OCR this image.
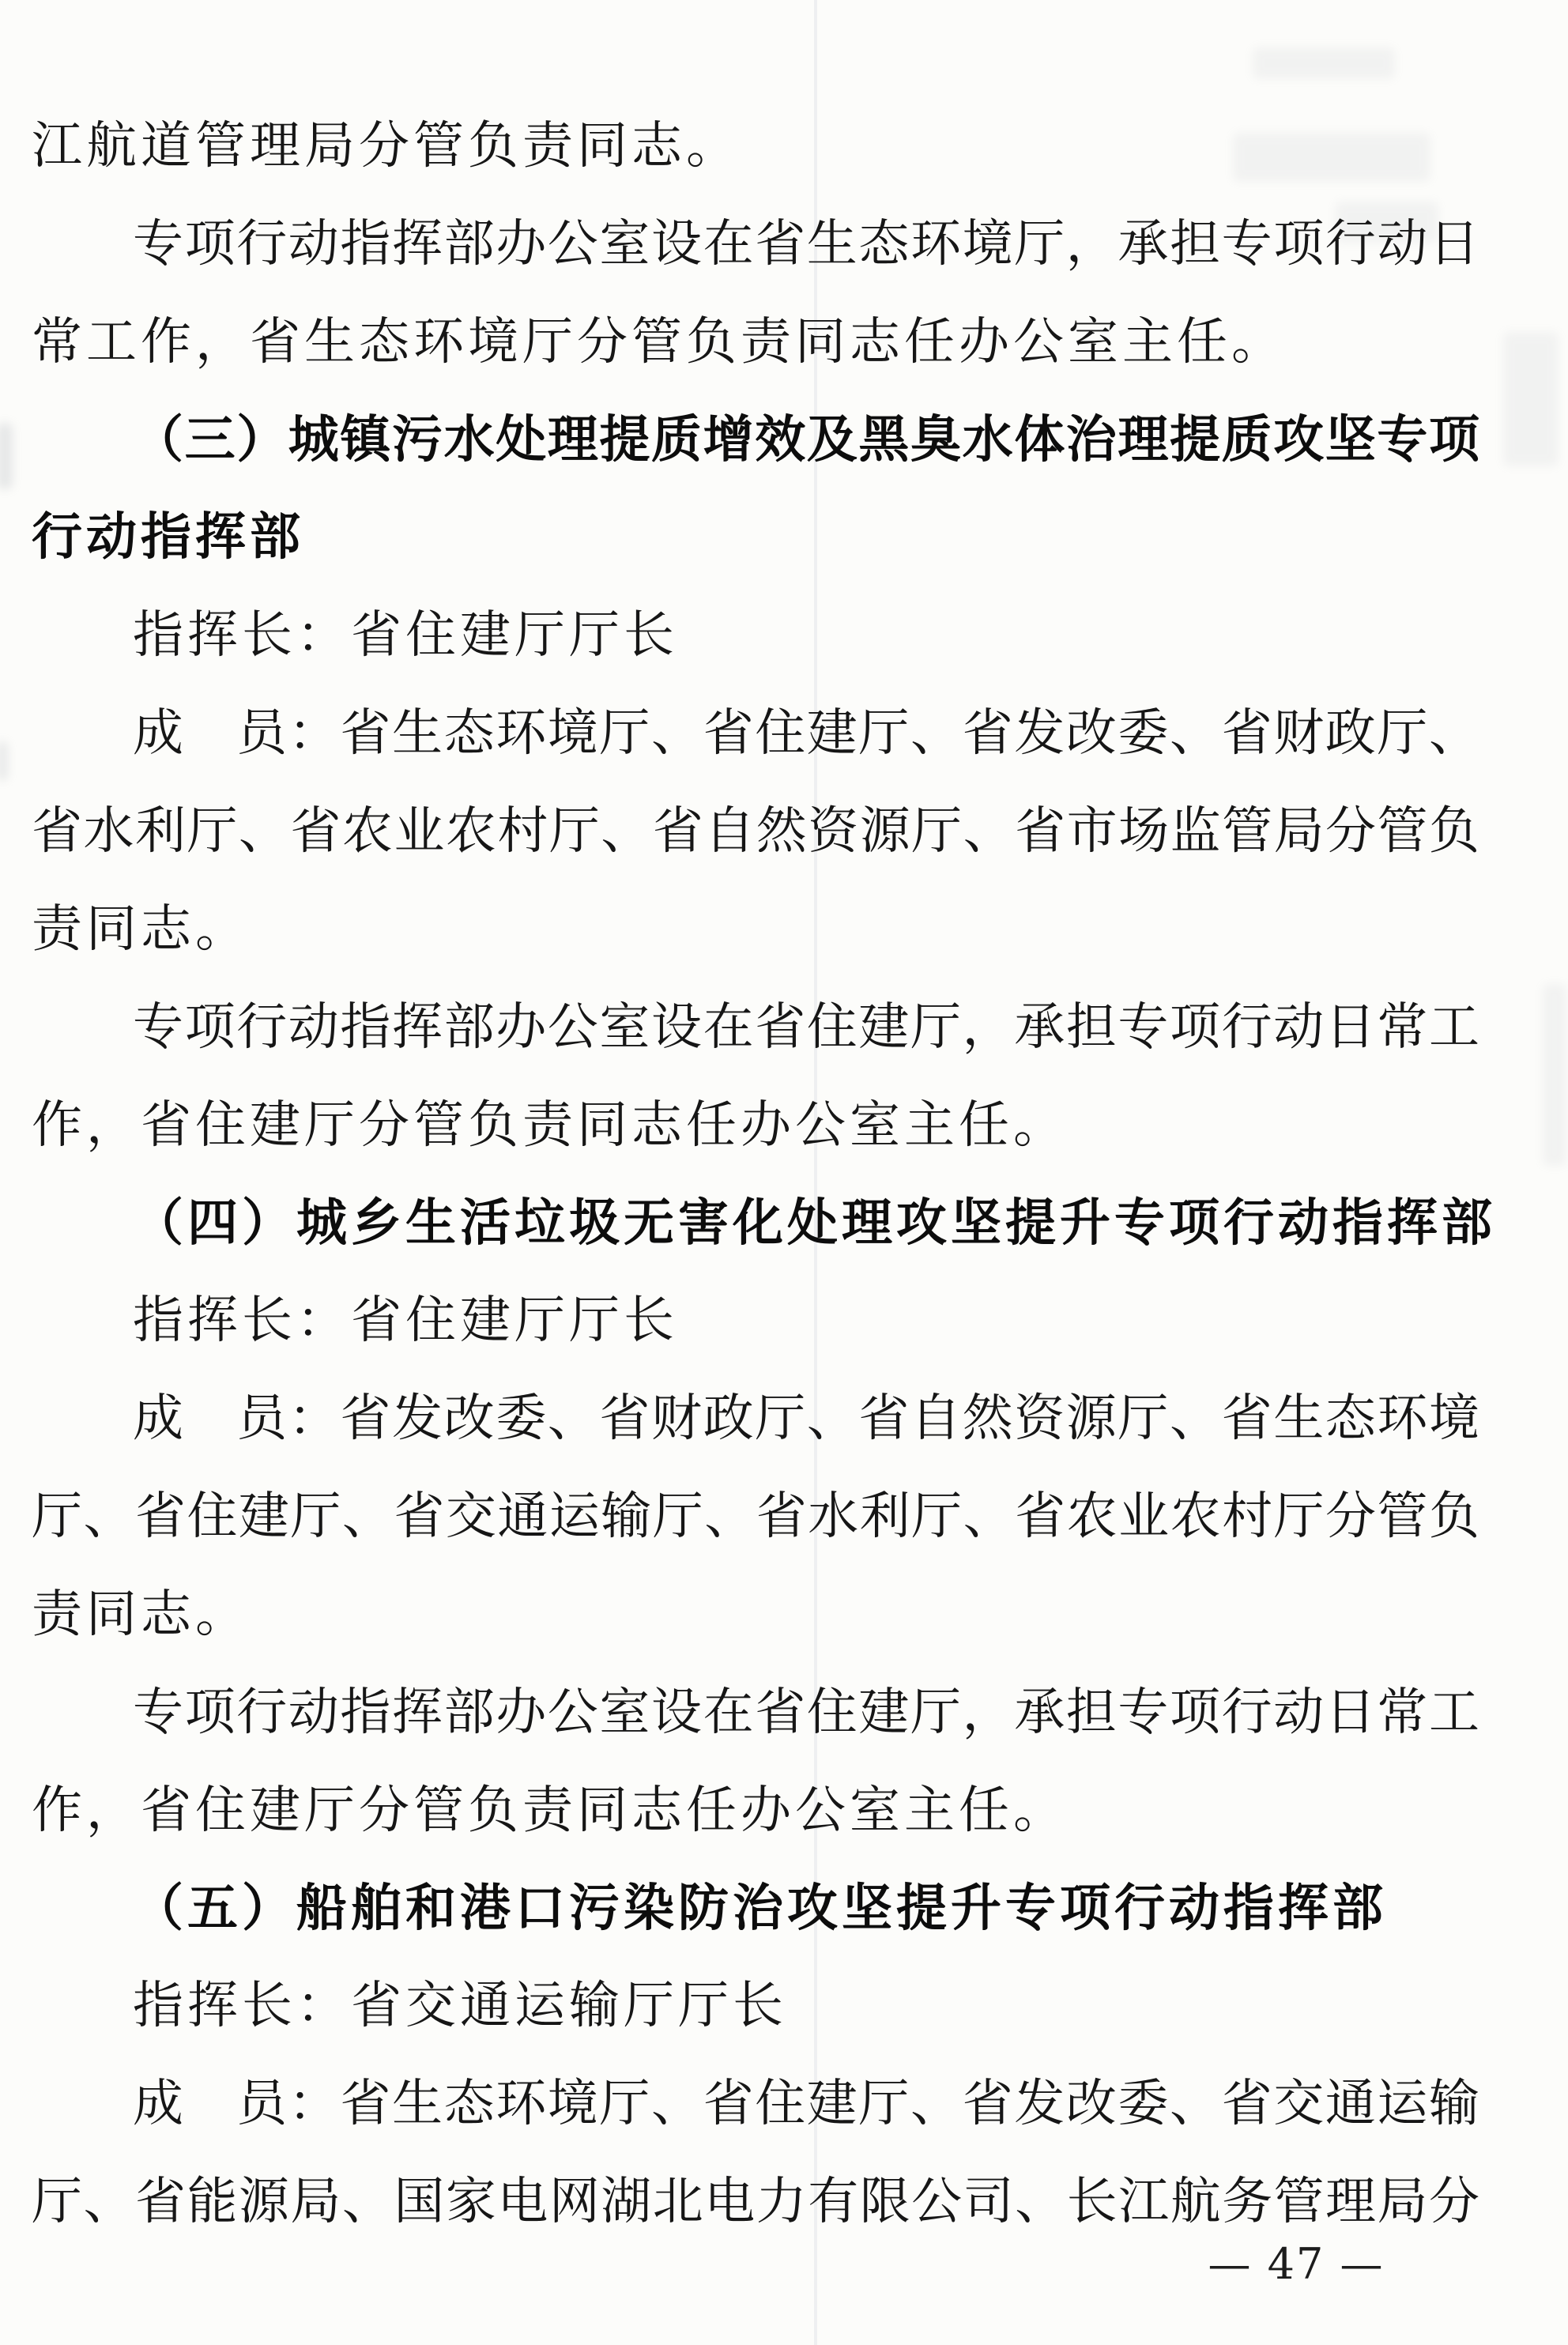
江航道管理局分管负责同志。
专项行动指挥部办公室设在省生态环境厅，承担专项行动日
常工作，省生态环境厅分管负责同志任办公室主任。
（三）城镇污水处理提质增效及黑臭水体治理提质攻坚专项
行动指挥部
指挥长：省住建厅厅长
成　员：省生态环境厅、省住建厅、省发改委、省财政厅、
省水利厅、省农业农村厅、省自然资源厅、省市场监管局分管负
责同志。
专项行动指挥部办公室设在省住建厅，承担专项行动日常工
作，省住建厅分管负责同志任办公室主任。
（四）城乡生活垃圾无害化处理攻坚提升专项行动指挥部
指挥长：省住建厅厅长
成　员：省发改委、省财政厅、省自然资源厅、省生态环境
厅、省住建厅、省交通运输厅、省水利厅、省农业农村厅分管负
责同志。
专项行动指挥部办公室设在省住建厅，承担专项行动日常工
作，省住建厅分管负责同志任办公室主任。
（五）船舶和港口污染防治攻坚提升专项行动指挥部
指挥长：省交通运输厅厅长
成　员：省生态环境厅、省住建厅、省发改委、省交通运输
厅、省能源局、国家电网湖北电力有限公司、长江航务管理局分
— 47 —
